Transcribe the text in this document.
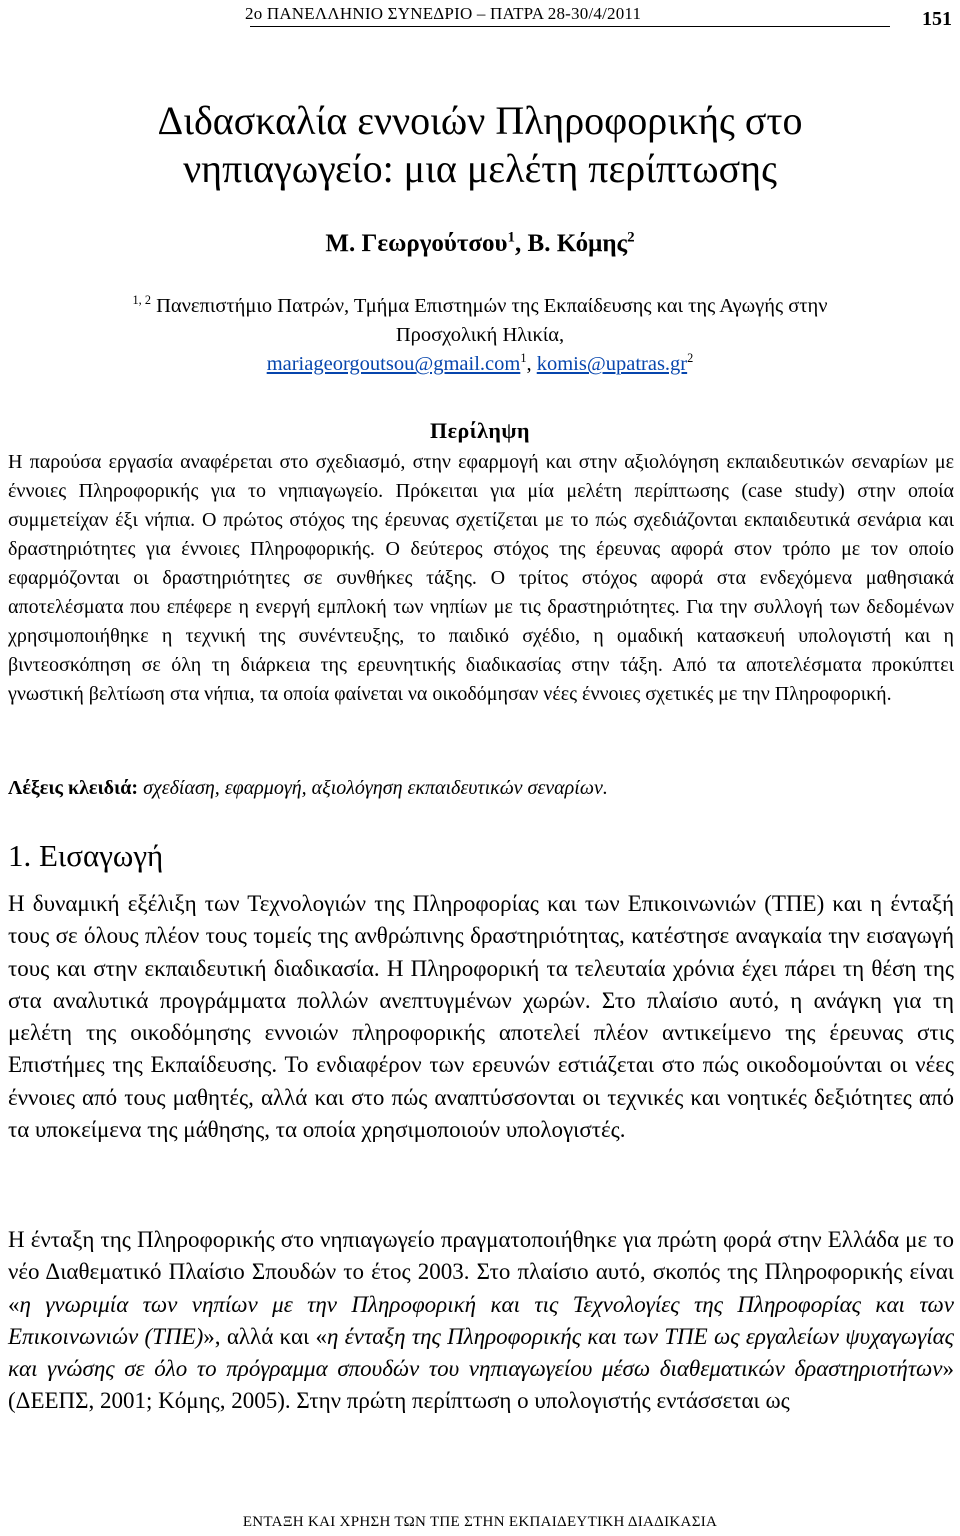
2ο ΠΑΝΕΛΛΗΝΙΟ ΣΥΝΕΔΡΙΟ – ΠΑΤΡΑ 28-30/4/2011	151
Διδασκαλία εννοιών Πληροφορικής στο
νηπιαγωγείο: μια μελέτη περίπτωσης
Μ. Γεωργούτσου$^1$, Β. Κόμης$^2$
$^{1, 2}$ Πανεπιστήμιο Πατρών, Τμήμα Επιστημών της Εκπαίδευσης και της Αγωγής στην
Προσχολική Ηλικία,
mariageorgoutsou@gmail.com$^1$, $komis@upatras.gr^2$
Περίληψη

Η παρούσα εργασία αναφέρεται στο σχεδιασμό, στην εφαρμογή και στην αξιολόγηση εκπαιδευτικών σεναρίων με έννοιες Πληροφορικής για το νηπιαγωγείο. Πρόκειται για μία μελέτη περίπτωσης (case study) στην οποία συμμετείχαν έξι νήπια. Ο πρώτος στόχος της έρευνας σχετίζεται με το πώς σχεδιάζονται εκπαιδευτικά σενάρια και δραστηριότητες για έννοιες Πληροφορικής. Ο δεύτερος στόχος της έρευνας αφορά στον τρόπο με τον οποίο εφαρμόζονται οι δραστηριότητες σε συνθήκες τάξης. Ο τρίτος στόχος αφορά στα ενδεχόμενα μαθησιακά αποτελέσματα που επέφερε η ενεργή εμπλοκή των νηπίων με τις δραστηριότητες. Για την συλλογή των δεδομένων χρησιμοποιήθηκε η τεχνική της συνέντευξης, το παιδικό σχέδιο, η ομαδική κατασκευή υπολογιστή και η βιντεοσκόπηση σε όλη τη διάρκεια της ερευνητικής διαδικασίας στην τάξη. Από τα αποτελέσματα προκύπτει γνωστική βελτίωση στα νήπια, τα οποία φαίνεται να οικοδόμησαν νέες έννοιες σχετικές με την Πληροφορική.

Λέξεις κλειδιά: σχεδίαση, εφαρμογή, αξιολόγηση εκπαιδευτικών σεναρίων.
1. Εισαγωγή

Η δυναμική εξέλιξη των Τεχνολογιών της Πληροφορίας και των Επικοινωνιών (ΤΠΕ) και η ένταξή τους σε όλους πλέον τους τομείς της ανθρώπινης δραστηριότητας, κατέστησε αναγκαία την εισαγωγή τους και στην εκπαιδευτική διαδικασία. Η Πληροφορική τα τελευταία χρόνια έχει πάρει τη θέση της στα αναλυτικά προγράμματα πολλών ανεπτυγμένων χωρών. Στο πλαίσιο αυτό, η ανάγκη για τη μελέτη της οικοδόμησης εννοιών πληροφορικής αποτελεί πλέον αντικείμενο της έρευνας στις Επιστήμες της Εκπαίδευσης. Το ενδιαφέρον των ερευνών εστιάζεται στο πώς οικοδομούνται οι νέες έννοιες από τους μαθητές, αλλά και στο πώς αναπτύσσονται οι τεχνικές και νοητικές δεξιότητες από τα υποκείμενα της μάθησης, τα οποία χρησιμοποιούν υπολογιστές.

Η ένταξη της Πληροφορικής στο νηπιαγωγείο πραγματοποιήθηκε για πρώτη φορά στην Ελλάδα με το νέο Διαθεματικό Πλαίσιο Σπουδών το έτος 2003. Στο πλαίσιο αυτό, σκοπός της Πληροφορικής είναι «η γνωριμία των νηπίων με την Πληροφορική και τις Τεχνολογίες της Πληροφορίας και των Επικοινωνιών (ΤΠΕ)», αλλά και «η ένταξη της Πληροφορικής και των ΤΠΕ ως εργαλείων ψυχαγωγίας και γνώσης σε όλο το πρόγραμμα σπουδών του νηπιαγωγείου μέσω διαθεματικών δραστηριοτήτων» (ΔΕΕΠΣ, 2001; Κόμης, 2005). Στην πρώτη περίπτωση ο υπολογιστής εντάσσεται ως

ΕΝΤΑΞΗ ΚΑΙ ΧΡΗΣΗ ΤΩΝ ΤΠΕ ΣΤΗΝ ΕΚΠΑΙΔΕΥΤΙΚΗ ΔΙΑΔΙΚΑΣΙΑ
